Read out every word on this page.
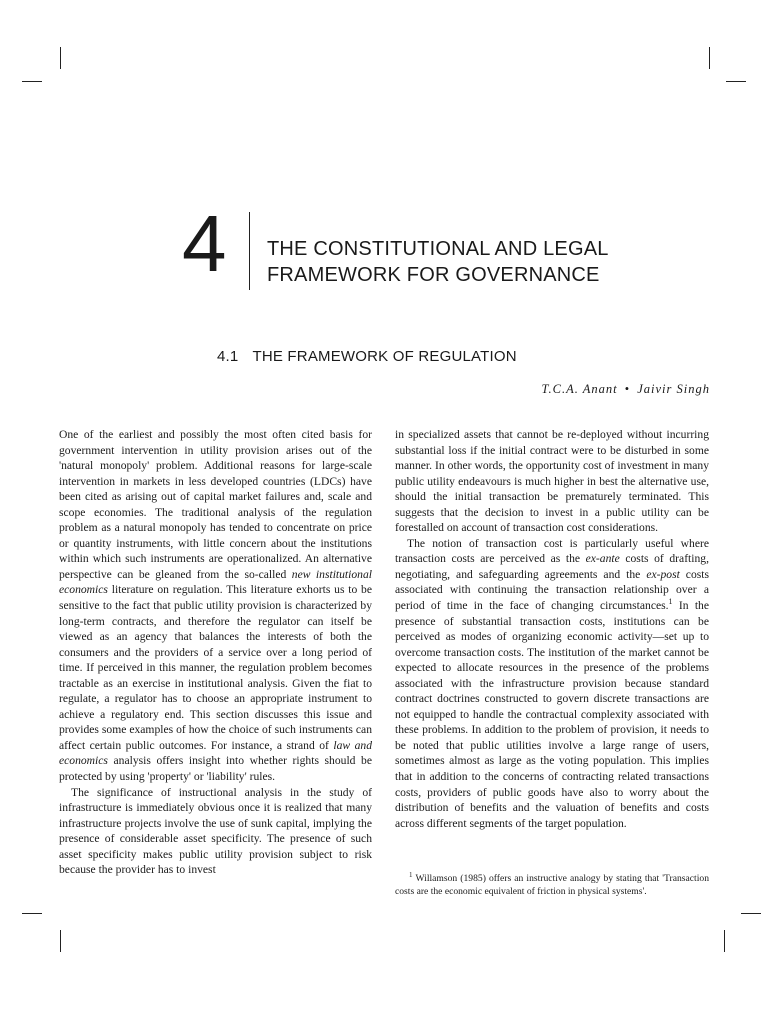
4 THE CONSTITUTIONAL AND LEGAL
FRAMEWORK FOR GOVERNANCE
4.1 THE FRAMEWORK OF REGULATION
T.C.A. Anant • Jaivir Singh

One of the earliest and possibly the most often cited basis for government intervention in utility provision arises out of the 'natural monopoly' problem. Additional reasons for large-scale intervention in markets in less developed countries (LDCs) have been cited as arising out of capital market failures and, scale and scope economies. The traditional analysis of the regulation problem as a natural monopoly has tended to concentrate on price or quantity instruments, with little concern about the institutions within which such instruments are operationalized. An alternative perspective can be gleaned from the so-called new institutional economics literature on regulation. This literature exhorts us to be sensitive to the fact that public utility provision is characterized by long-term contracts, and therefore the regulator can itself be viewed as an agency that balances the interests of both the consumers and the providers of a service over a long period of time. If perceived in this manner, the regulation problem becomes tractable as an exercise in institutional analysis. Given the fiat to regulate, a regulator has to choose an appropriate instrument to achieve a regulatory end. This section discusses this issue and provides some examples of how the choice of such instruments can affect certain public outcomes. For instance, a strand of law and economics analysis offers insight into whether rights should be protected by using 'property' or 'liability' rules.

The significance of instructional analysis in the study of infrastructure is immediately obvious once it is realized that many infrastructure projects involve the use of sunk capital, implying the presence of considerable asset specificity. The presence of such asset specificity makes public utility provision subject to risk because the provider has to invest

in specialized assets that cannot be re-deployed without incurring substantial loss if the initial contract were to be disturbed in some manner. In other words, the opportunity cost of investment in many public utility endeavours is much higher in best the alternative use, should the initial transaction be prematurely terminated. This suggests that the decision to invest in a public utility can be forestalled on account of transaction cost considerations.

The notion of transaction cost is particularly useful where transaction costs are perceived as the ex-ante costs of drafting, negotiating, and safeguarding agreements and the ex-post costs associated with continuing the transaction relationship over a period of time in the face of changing circumstances.$^1$ In the presence of substantial transaction costs, institutions can be perceived as modes of organizing economic activity—set up to overcome transaction costs. The institution of the market cannot be expected to allocate resources in the presence of the problems associated with the infrastructure provision because standard contract doctrines constructed to govern discrete transactions are not equipped to handle the contractual complexity associated with these problems. In addition to the problem of provision, it needs to be noted that public utilities involve a large range of users, sometimes almost as large as the voting population. This implies that in addition to the concerns of contracting related transactions costs, providers of public goods have also to worry about the distribution of benefits and the valuation of benefits and costs across different segments of the target population.

$^1$ Willamson (1985) offers an instructive analogy by stating that 'Transaction costs are the economic equivalent of friction in physical systems'.
